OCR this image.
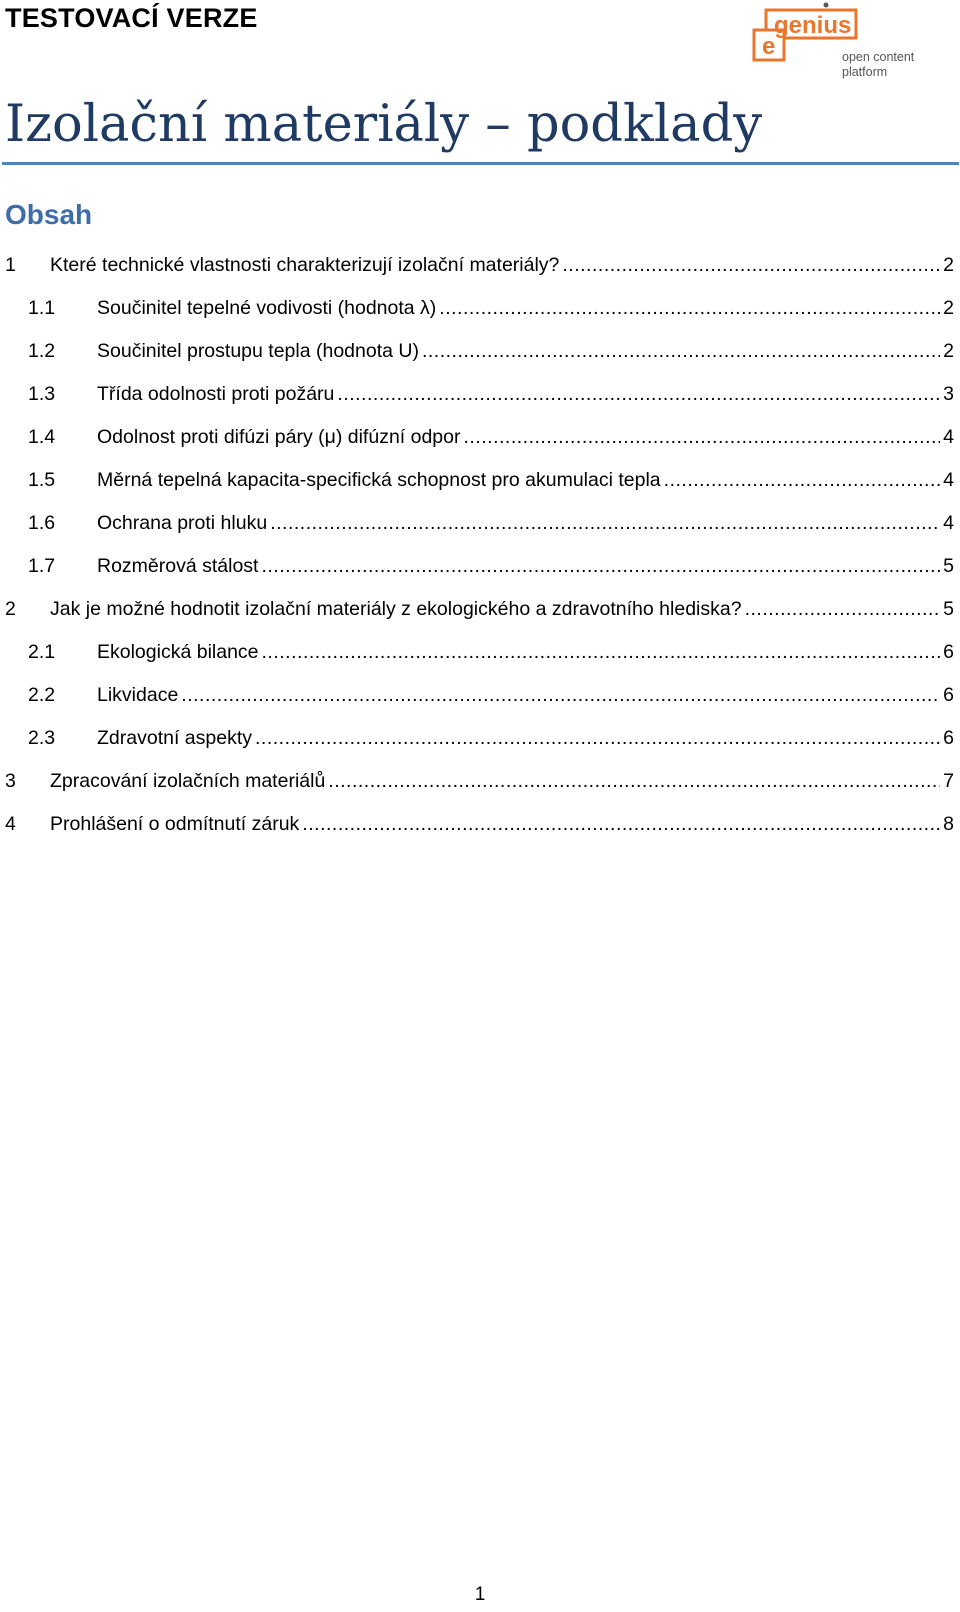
TESTOVACÍ VERZE

e
genius
open content
platform
Izolační materiály – podklady
Obsah
1 Které technické vlastnosti charakterizují izolační materiály? .....	2
1.1 Součinitel tepelné vodivosti (hodnota λ) .....	2
1.2 Součinitel prostupu tepla (hodnota U) .....	2
1.3 Třída odolnosti proti požáru .....	3
1.4 Odolnost proti difúzi páry (μ) difúzní odpor .....	4
1.5 Měrná tepelná kapacita-specifická schopnost pro akumulaci tepla .....	4
1.6 Ochrana proti hluku .....	4
1.7 Rozměrová stálost .....	5
2 Jak je možné hodnotit izolační materiály z ekologického a zdravotního hlediska? .....	5
2.1 Ekologická bilance .....	6
2.2 Likvidace .....	6
2.3 Zdravotní aspekty .....	6
3 Zpracování izolačních materiálů .....	7
4 Prohlášení o odmítnutí záruk .....	8

1
